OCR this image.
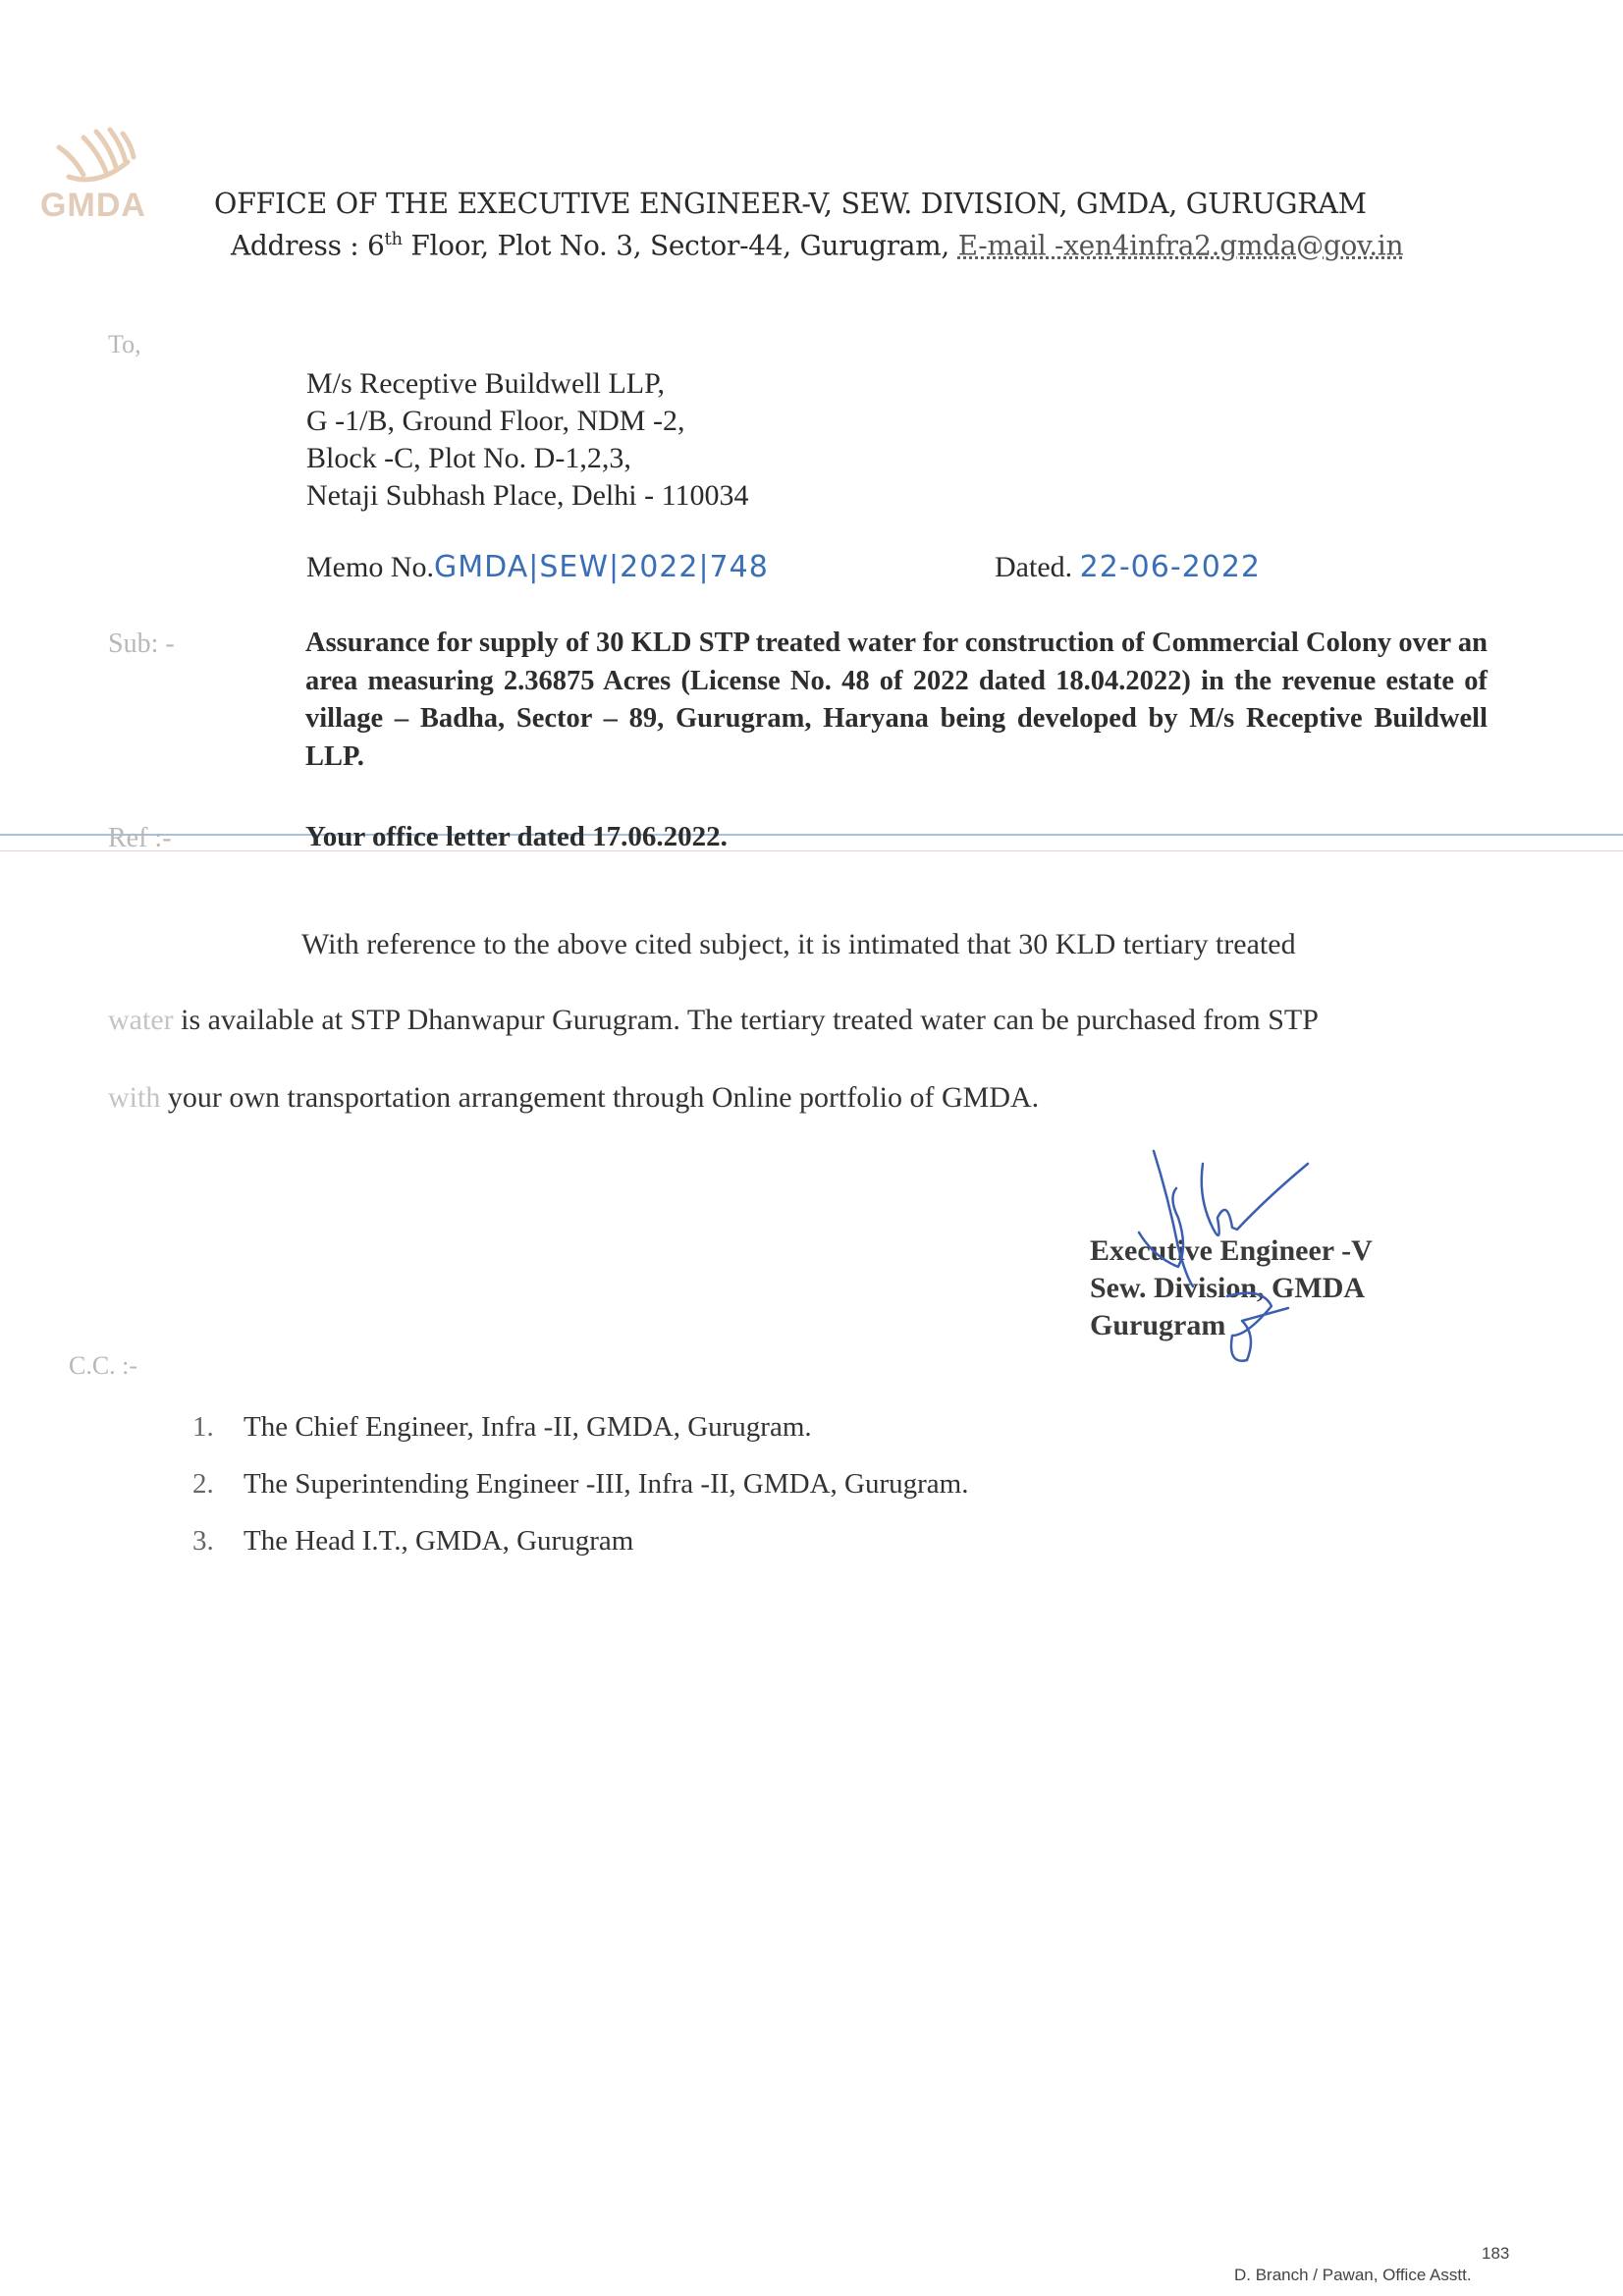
GMDA	OFFICE OF THE EXECUTIVE ENGINEER-V, SEW. DIVISION, GMDA, GURUGRAM
Address : 6th Floor, Plot No. 3, Sector-44, Gurugram, E-mail -xen4infra2.gmda@gov.in
To,
M/s Receptive Buildwell LLP,
G -1/B, Ground Floor, NDM -2,
Block -C, Plot No. D-1,2,3,
Netaji Subhash Place, Delhi - 110034
Memo No.GMDA|SEW|2022|748	Dated. 22-06-2022
Sub: -	Assurance for supply of 30 KLD STP treated water for construction of Commercial Colony over an area measuring 2.36875 Acres (License No. 48 of 2022 dated 18.04.2022) in the revenue estate of village – Badha, Sector – 89, Gurugram, Haryana being developed by M/s Receptive Buildwell LLP.
Ref :-	Your office letter dated 17.06.2022.
With reference to the above cited subject, it is intimated that 30 KLD tertiary treated
water is available at STP Dhanwapur Gurugram. The tertiary treated water can be purchased from STP
with your own transportation arrangement through Online portfolio of GMDA.
Executive Engineer -V
Sew. Division, GMDA
Gurugram
C.C. :-
1. The Chief Engineer, Infra -II, GMDA, Gurugram.
2. The Superintending Engineer -III, Infra -II, GMDA, Gurugram.
3. The Head I.T., GMDA, Gurugram
183
D. Branch / Pawan, Office Asstt.
